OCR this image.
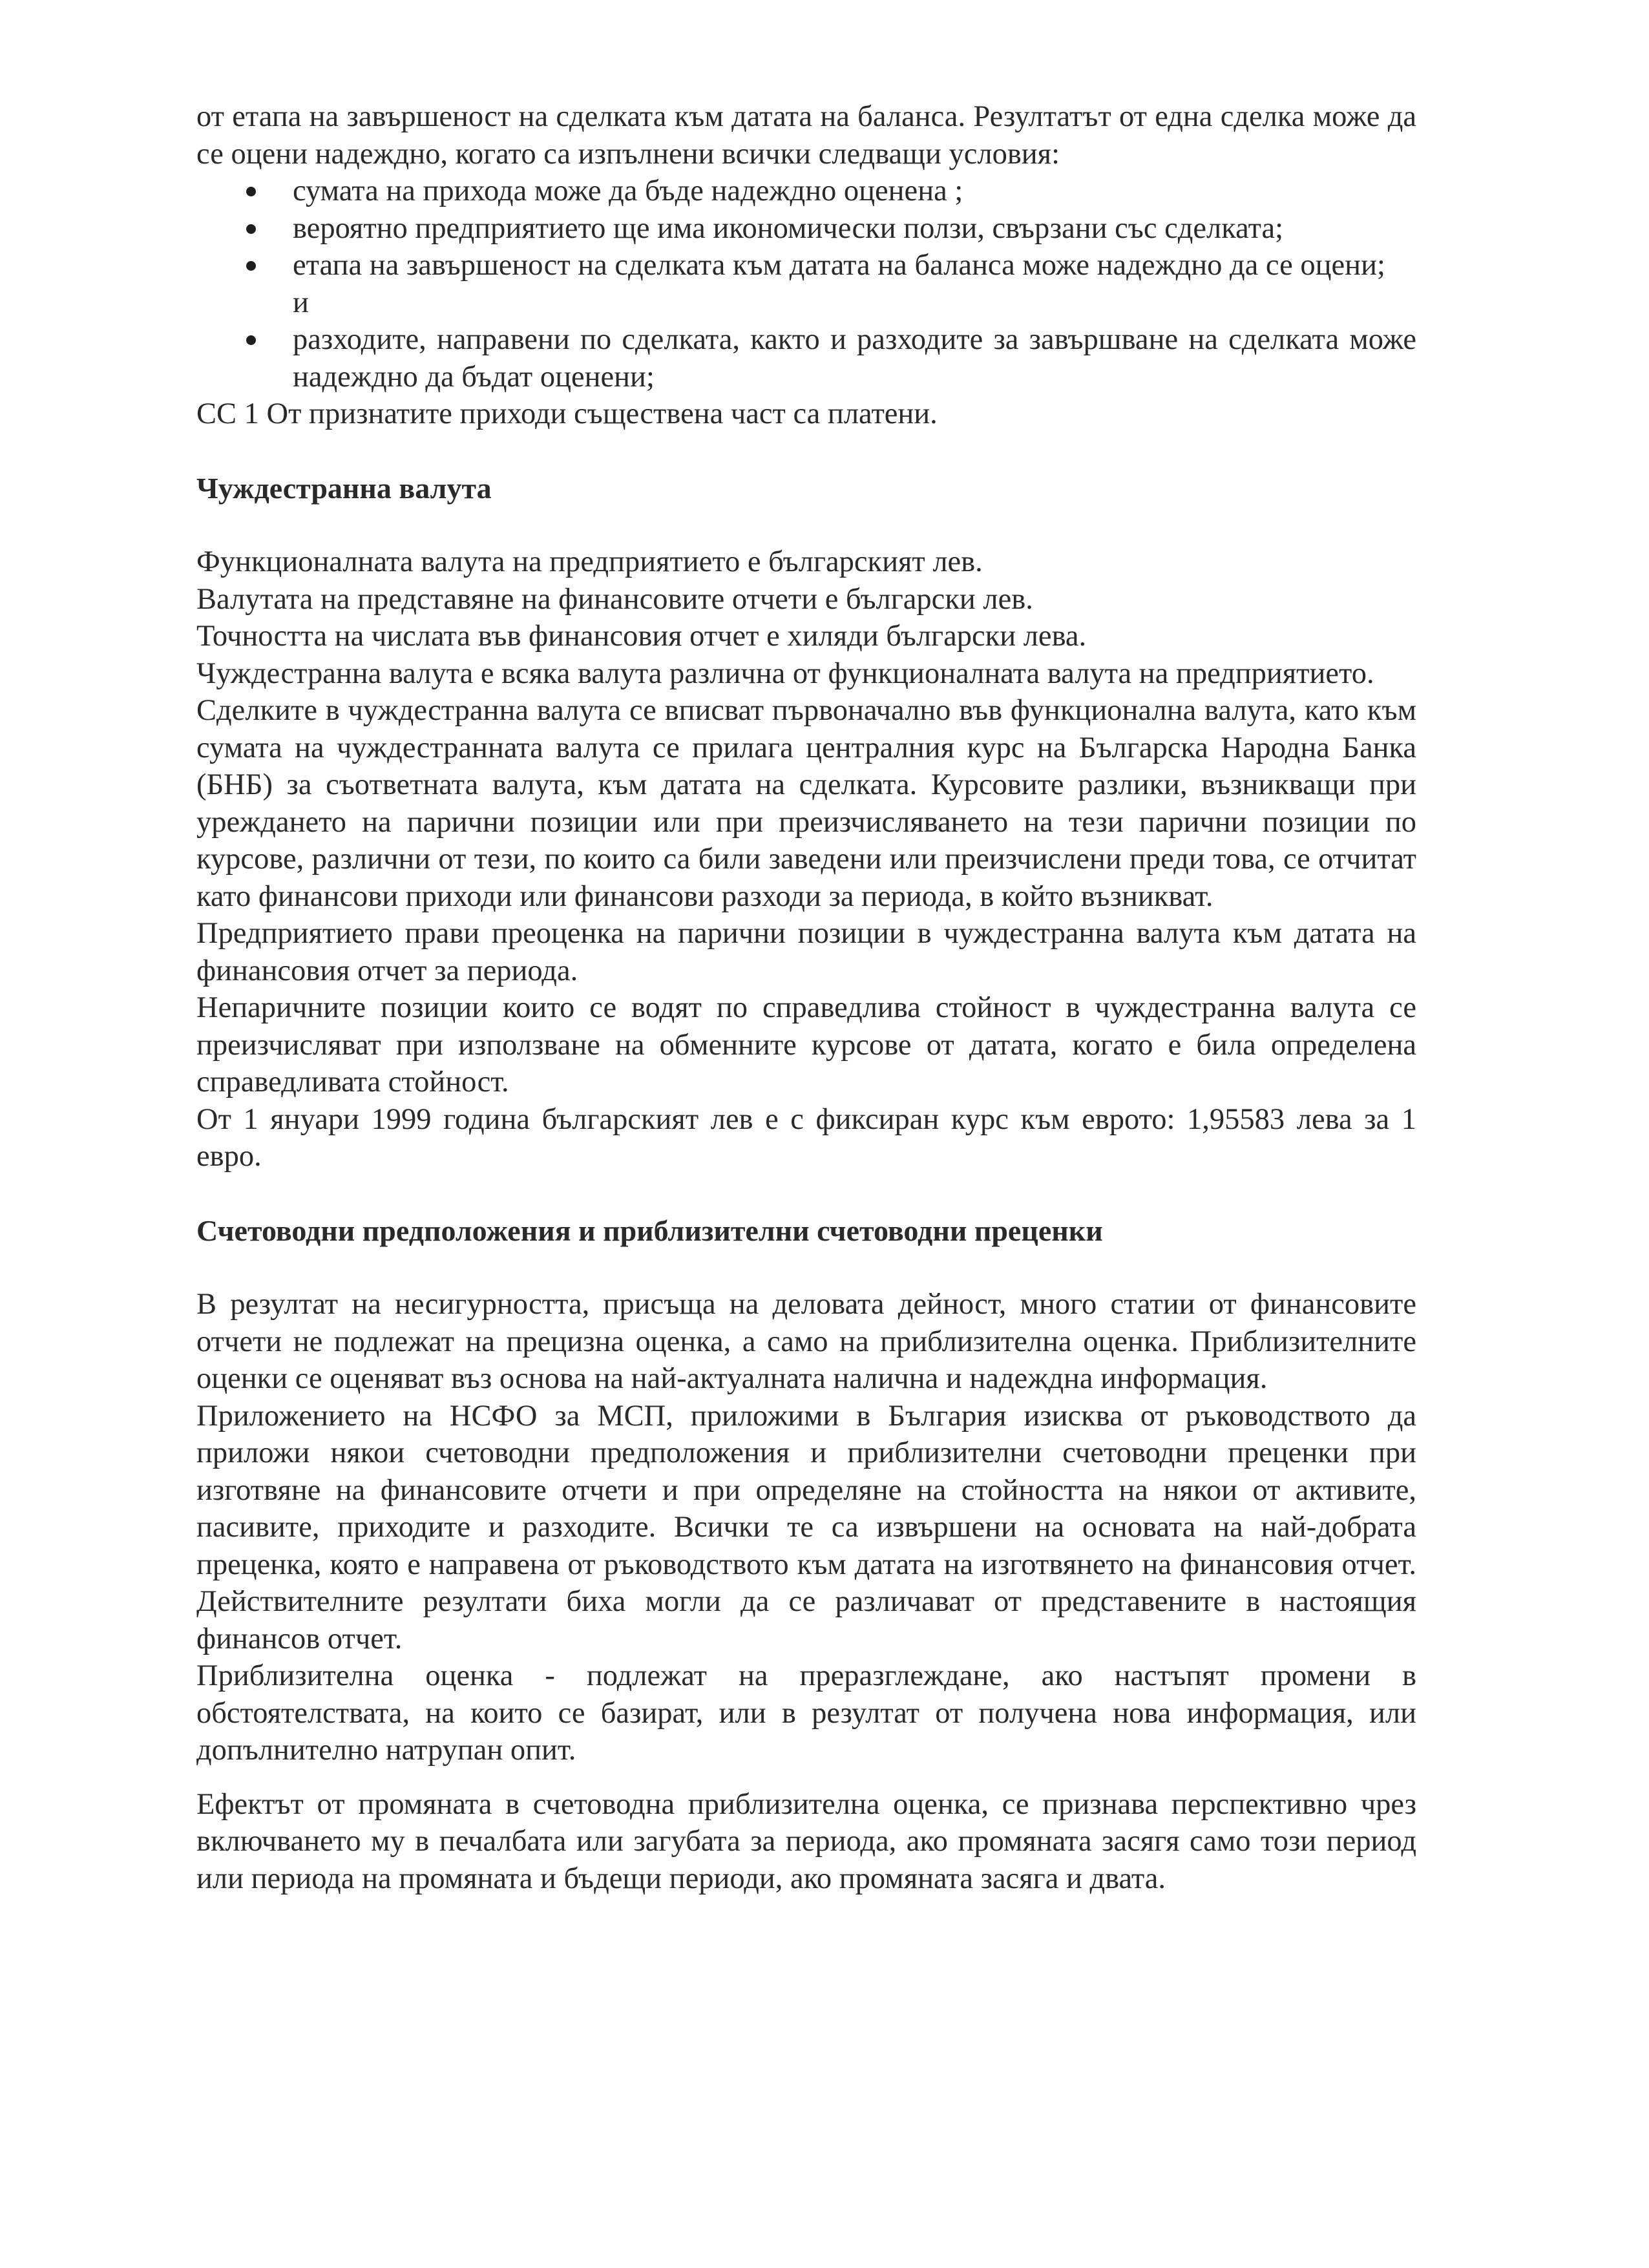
от етапа на завършеност на сделката към датата на баланса. Резултатът от една сделка може да се оцени надеждно, когато са изпълнени всички следващи условия:

сумата на прихода може да бъде надеждно оценена ;
вероятно предприятието ще има икономически ползи, свързани със сделката;
етапа на завършеност на сделката към датата на баланса може надеждно да се оцени;
и
разходите, направени по сделката, както и разходите за завършване на сделката може надеждно да бъдат оценени;

СС 1 От признатите приходи съществена част са платени.

Чуждестранна валута

Функционалната валута на предприятието е българският лев.

Валутата на представяне на финансовите отчети е български лев.

Точността на числата във финансовия отчет е хиляди български лева.

Чуждестранна валута е всяка валута различна от функционалната валута на предприятието.

Сделките в чуждестранна валута се вписват първоначално във функционална валута, като към сумата на чуждестранната валута се прилага централния курс на Българска Народна Банка (БНБ) за съответната валута, към датата на сделката. Курсовите разлики, възникващи при уреждането на парични позиции или при преизчисляването на тези парични позиции по курсове, различни от тези, по които са били заведени или преизчислени преди това, се отчитат като финансови приходи или финансови разходи за периода, в който възникват.

Предприятието прави преоценка на парични позиции в чуждестранна валута към датата на финансовия отчет за периода.

Непаричните позиции които се водят по справедлива стойност в чуждестранна валута се преизчисляват при използване на обменните курсове от датата, когато е била определена справедливата стойност.

От 1 януари 1999 година българският лев е с фиксиран курс към еврото: 1,95583 лева за 1 евро.

Счетоводни предположения и приблизителни счетоводни преценки

В резултат на несигурността, присъща на деловата дейност, много статии от финансовите отчети не подлежат на прецизна оценка, а само на приблизителна оценка. Приблизителните оценки се оценяват въз основа на най-актуалната налична и надеждна информация.

Приложението на НСФО за МСП, приложими в България изисква от ръководството да приложи някои счетоводни предположения и приблизителни счетоводни преценки при изготвяне на финансовите отчети и при определяне на стойността на някои от активите, пасивите, приходите и разходите. Всички те са извършени на основата на най-добрата преценка, която е направена от ръководството към датата на изготвянето на финансовия отчет. Действителните резултати биха могли да се различават от представените в настоящия финансов отчет.

Приблизителна оценка - подлежат на преразглеждане, ако настъпят промени в обстоятелствата, на които се базират, или в резултат от получена нова информация, или допълнително натрупан опит.

Ефектът от промяната в счетоводна приблизителна оценка, се признава перспективно чрез включването му в печалбата или загубата за периода, ако промяната засягя само този период или периода на промяната и бъдещи периоди, ако промяната засяга и двата.
